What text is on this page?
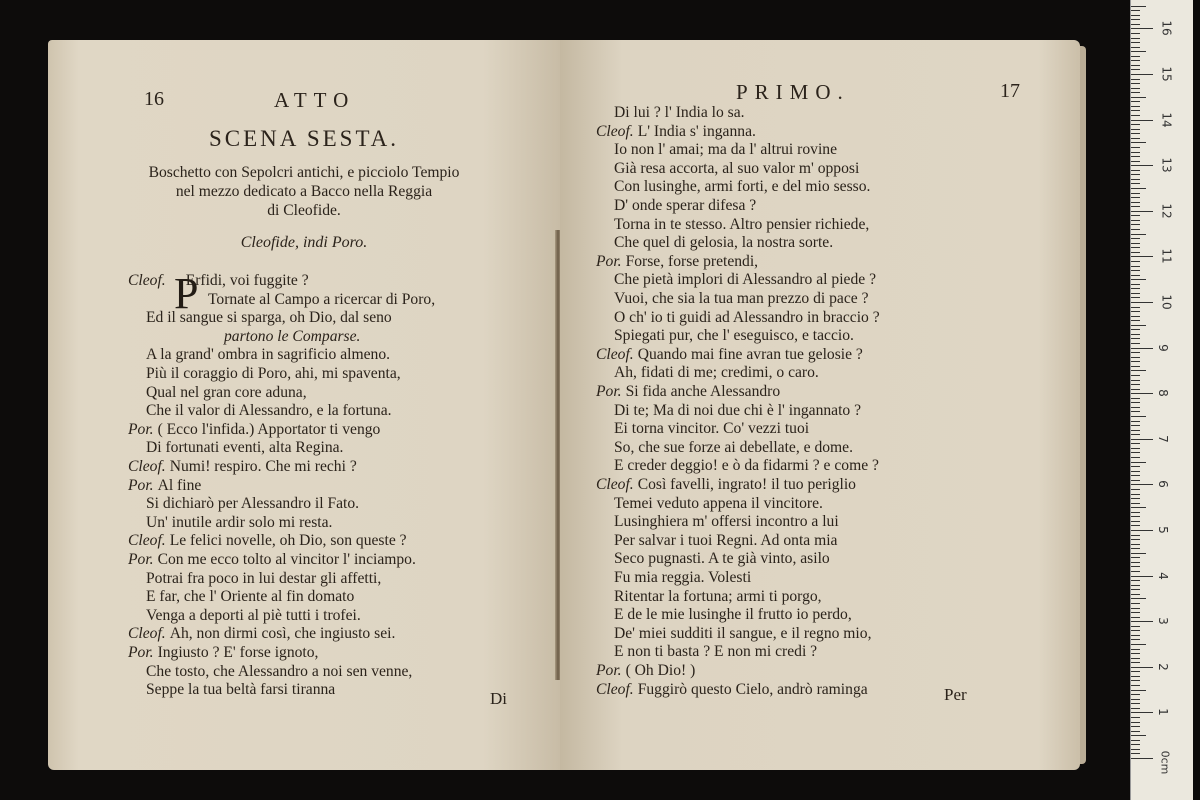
16	ATTO
SCENA SESTA.
Boschetto con Sepolcri antichi, e picciolo Tempio
nel mezzo dedicato a Bacco nella Reggia
di Cleofide.
Cleofide, indi Poro.
P
Cleof. Erfidi, voi fuggite ?
Tornate al Campo a ricercar di Poro,
Ed il sangue si sparga, oh Dio, dal seno
partono le Comparse.
A la grand' ombra in sagrificio almeno.
Più il coraggio di Poro, ahi, mi spaventa,
Qual nel gran core aduna,
Che il valor di Alessandro, e la fortuna.
Por. ( Ecco l'infida.) Apportator ti vengo
Di fortunati eventi, alta Regina.
Cleof. Numi! respiro. Che mi rechi ?
Por. Al fine
Si dichiarò per Alessandro il Fato.
Un' inutile ardir solo mi resta.
Cleof. Le felici novelle, oh Dio, son queste ?
Por. Con me ecco tolto al vincitor l' inciampo.
Potrai fra poco in lui destar gli affetti,
E far, che l' Oriente al fin domato
Venga a deporti al piè tutti i trofei.
Cleof. Ah, non dirmi così, che ingiusto sei.
Por. Ingiusto ? E' forse ignoto,
Che tosto, che Alessandro a noi sen venne,
Seppe la tua beltà farsi tiranna	Di
PRIMO.	17
Di lui ? l' India lo sa.
Cleof. L' India s' inganna.
Io non l' amai; ma da l' altrui rovine
Già resa accorta, al suo valor m' opposi
Con lusinghe, armi forti, e del mio sesso.
D' onde sperar difesa ?
Torna in te stesso. Altro pensier richiede,
Che quel di gelosia, la nostra sorte.
Por. Forse, forse pretendi,
Che pietà implori di Alessandro al piede ?
Vuoi, che sia la tua man prezzo di pace ?
O ch' io ti guidi ad Alessandro in braccio ?
Spiegati pur, che l' eseguisco, e taccio.
Cleof. Quando mai fine avran tue gelosie ?
Ah, fidati di me; credimi, o caro.
Por. Si fida anche Alessandro
Di te; Ma di noi due chi è l' ingannato ?
Ei torna vincitor. Co' vezzi tuoi
So, che sue forze ai debellate, e dome.
E creder deggio! e ò da fidarmi ? e come ?
Cleof. Così favelli, ingrato! il tuo periglio
Temei veduto appena il vincitore.
Lusinghiera m' offersi incontro a lui
Per salvar i tuoi Regni. Ad onta mia
Seco pugnasti. A te già vinto, asilo
Fu mia reggia. Volesti
Ritentar la fortuna; armi ti porgo,
E de le mie lusinghe il frutto io perdo,
De' miei sudditi il sangue, e il regno mio,
E non ti basta ? E non mi credi ?
Por. ( Oh Dio! )
Cleof. Fuggirò questo Cielo, andrò raminga	Per
1
2
3
4
5
6
7
8
9
10
11
12
13
14
15
16
0cm
